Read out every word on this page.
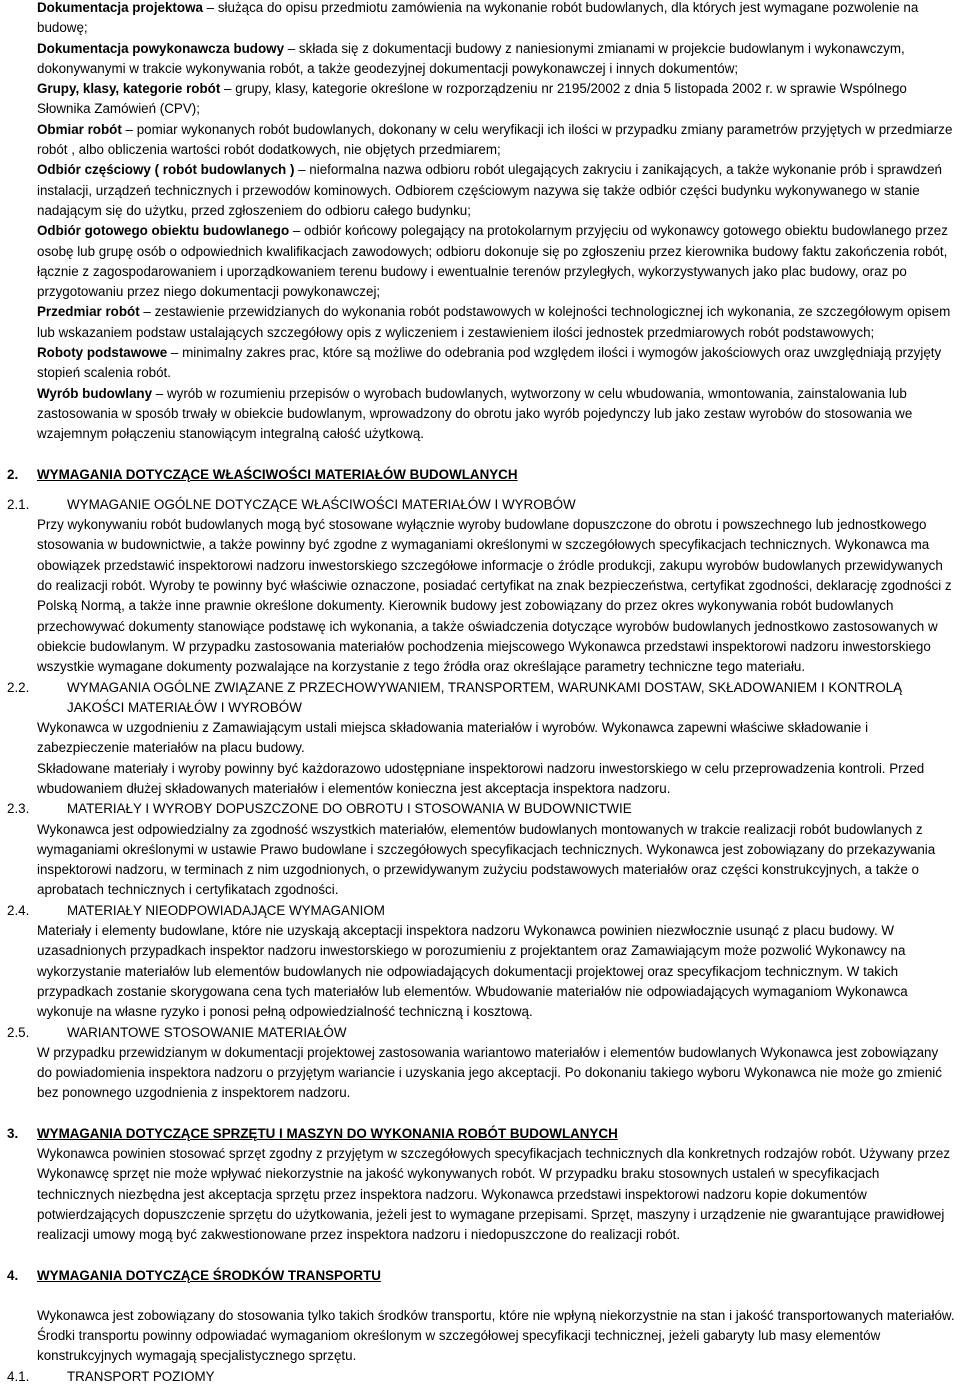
Dokumentacja projektowa – służąca do opisu przedmiotu zamówienia na wykonanie robót budowlanych, dla których jest wymagane pozwolenie na budowę;

Dokumentacja powykonawcza budowy – składa się z dokumentacji budowy z naniesionymi zmianami w projekcie budowlanym i wykonawczym, dokonywanymi w trakcie wykonywania robót, a także geodezyjnej dokumentacji powykonawczej i innych dokumentów;

Grupy, klasy, kategorie robót – grupy, klasy, kategorie określone w rozporządzeniu nr 2195/2002 z dnia 5 listopada 2002 r. w sprawie Wspólnego Słownika Zamówień (CPV);

Obmiar robót – pomiar wykonanych robót budowlanych, dokonany w celu weryfikacji ich ilości w przypadku zmiany parametrów przyjętych w przedmiarze robót , albo obliczenia wartości robót dodatkowych, nie objętych przedmiarem;

Odbiór częściowy ( robót budowlanych ) – nieformalna nazwa odbioru robót ulegających zakryciu i zanikających, a także wykonanie prób i sprawdzeń instalacji, urządzeń technicznych i przewodów kominowych. Odbiorem częściowym nazywa się także odbiór części budynku wykonywanego w stanie nadającym się do użytku, przed zgłoszeniem do odbioru całego budynku;

Odbiór gotowego obiektu budowlanego – odbiór końcowy polegający na protokolarnym przyjęciu od wykonawcy gotowego obiektu budowlanego przez osobę lub grupę osób o odpowiednich kwalifikacjach zawodowych; odbioru dokonuje się po zgłoszeniu przez kierownika budowy faktu zakończenia robót, łącznie z zagospodarowaniem i uporządkowaniem terenu budowy i ewentualnie terenów przyległych, wykorzystywanych jako plac budowy, oraz po przygotowaniu przez niego dokumentacji powykonawczej;

Przedmiar robót – zestawienie przewidzianych do wykonania robót podstawowych w kolejności technologicznej ich wykonania, ze szczegółowym opisem lub wskazaniem podstaw ustalających szczegółowy opis z wyliczeniem i zestawieniem ilości jednostek przedmiarowych robót podstawowych;

Roboty podstawowe – minimalny zakres prac, które są możliwe do odebrania pod względem ilości i wymogów jakościowych oraz uwzględniają przyjęty stopień scalenia robót.

Wyrób budowlany – wyrób w rozumieniu przepisów o wyrobach budowlanych, wytworzony w celu wbudowania, wmontowania, zainstalowania lub zastosowania w sposób trwały w obiekcie budowlanym, wprowadzony do obrotu jako wyrób pojedynczy lub jako zestaw wyrobów do stosowania we wzajemnym połączeniu stanowiącym integralną całość użytkową.

2. WYMAGANIA DOTYCZĄCE WŁAŚCIWOŚCI MATERIAŁÓW BUDOWLANYCH

2.1.	WYMAGANIE OGÓLNE DOTYCZĄCE WŁAŚCIWOŚCI MATERIAŁÓW I WYROBÓW

Przy wykonywaniu robót budowlanych mogą być stosowane wyłącznie wyroby budowlane dopuszczone do obrotu i powszechnego lub jednostkowego stosowania w budownictwie, a także powinny być zgodne z wymaganiami określonymi w szczegółowych specyfikacjach technicznych. Wykonawca ma obowiązek przedstawić inspektorowi nadzoru inwestorskiego szczegółowe informacje o źródle produkcji, zakupu wyrobów budowlanych przewidywanych do realizacji robót. Wyroby te powinny być właściwie oznaczone, posiadać certyfikat na znak bezpieczeństwa, certyfikat zgodności, deklarację zgodności z Polską Normą, a także inne prawnie określone dokumenty. Kierownik budowy jest zobowiązany do przez okres wykonywania robót budowlanych przechowywać dokumenty stanowiące podstawę ich wykonania, a także oświadczenia dotyczące wyrobów budowlanych jednostkowo zastosowanych w obiekcie budowlanym. W przypadku zastosowania materiałów pochodzenia miejscowego Wykonawca przedstawi inspektorowi nadzoru inwestorskiego wszystkie wymagane dokumenty pozwalające na korzystanie z tego źródła oraz określające parametry techniczne tego materiału.

2.2.	WYMAGANIA OGÓLNE ZWIĄZANE Z PRZECHOWYWANIEM, TRANSPORTEM, WARUNKAMI DOSTAW, SKŁADOWANIEM I KONTROLĄ JAKOŚCI MATERIAŁÓW I WYROBÓW

Wykonawca w uzgodnieniu z Zamawiającym ustali miejsca składowania materiałów i wyrobów. Wykonawca zapewni właściwe składowanie i zabezpieczenie materiałów na placu budowy.

Składowane materiały i wyroby powinny być każdorazowo udostępniane inspektorowi nadzoru inwestorskiego w celu przeprowadzenia kontroli. Przed wbudowaniem dłużej składowanych materiałów i elementów konieczna jest akceptacja inspektora nadzoru.

2.3.	MATERIAŁY I WYROBY DOPUSZCZONE DO OBROTU I STOSOWANIA W BUDOWNICTWIE

Wykonawca jest odpowiedzialny za zgodność wszystkich materiałów, elementów budowlanych montowanych w trakcie realizacji robót budowlanych z wymaganiami określonymi w ustawie Prawo budowlane i szczegółowych specyfikacjach technicznych. Wykonawca jest zobowiązany do przekazywania inspektorowi nadzoru, w terminach z nim uzgodnionych, o przewidywanym zużyciu podstawowych materiałów oraz części konstrukcyjnych, a także o aprobatach technicznych i certyfikatach zgodności.

2.4.	MATERIAŁY NIEODPOWIADAJĄCE WYMAGANIOM

Materiały i elementy budowlane, które nie uzyskają akceptacji inspektora nadzoru Wykonawca powinien niezwłocznie usunąć z placu budowy. W uzasadnionych przypadkach inspektor nadzoru inwestorskiego w porozumieniu z projektantem oraz Zamawiającym może pozwolić Wykonawcy na wykorzystanie materiałów lub elementów budowlanych nie odpowiadających dokumentacji projektowej oraz specyfikacjom technicznym. W takich przypadkach zostanie skorygowana cena tych materiałów lub elementów. Wbudowanie materiałów nie odpowiadających wymaganiom Wykonawca wykonuje na własne ryzyko i ponosi pełną odpowiedzialność techniczną i kosztową.

2.5.	WARIANTOWE STOSOWANIE MATERIAŁÓW

W przypadku przewidzianym w dokumentacji projektowej zastosowania wariantowo materiałów i elementów budowlanych Wykonawca jest zobowiązany do powiadomienia inspektora nadzoru o przyjętym wariancie i uzyskania jego akceptacji. Po dokonaniu takiego wyboru Wykonawca nie może go zmienić bez ponownego uzgodnienia z inspektorem nadzoru.

3. WYMAGANIA DOTYCZĄCE SPRZĘTU I MASZYN DO WYKONANIA ROBÓT BUDOWLANYCH

Wykonawca powinien stosować sprzęt zgodny z przyjętym w szczegółowych specyfikacjach technicznych dla konkretnych rodzajów robót. Używany przez Wykonawcę sprzęt nie może wpływać niekorzystnie na jakość wykonywanych robót. W przypadku braku stosownych ustaleń w specyfikacjach technicznych niezbędna jest akceptacja sprzętu przez inspektora nadzoru. Wykonawca przedstawi inspektorowi nadzoru kopie dokumentów potwierdzających dopuszczenie sprzętu do użytkowania, jeżeli jest to wymagane przepisami. Sprzęt, maszyny i urządzenie nie gwarantujące prawidłowej realizacji umowy mogą być zakwestionowane przez inspektora nadzoru i niedopuszczone do realizacji robót.

4. WYMAGANIA DOTYCZĄCE ŚRODKÓW TRANSPORTU

Wykonawca jest zobowiązany do stosowania tylko takich środków transportu, które nie wpłyną niekorzystnie na stan i jakość transportowanych materiałów. Środki transportu powinny odpowiadać wymaganiom określonym w szczegółowej specyfikacji technicznej, jeżeli gabaryty lub masy elementów konstrukcyjnych wymagają specjalistycznego sprzętu.

4.1.	TRANSPORT POZIOMY
